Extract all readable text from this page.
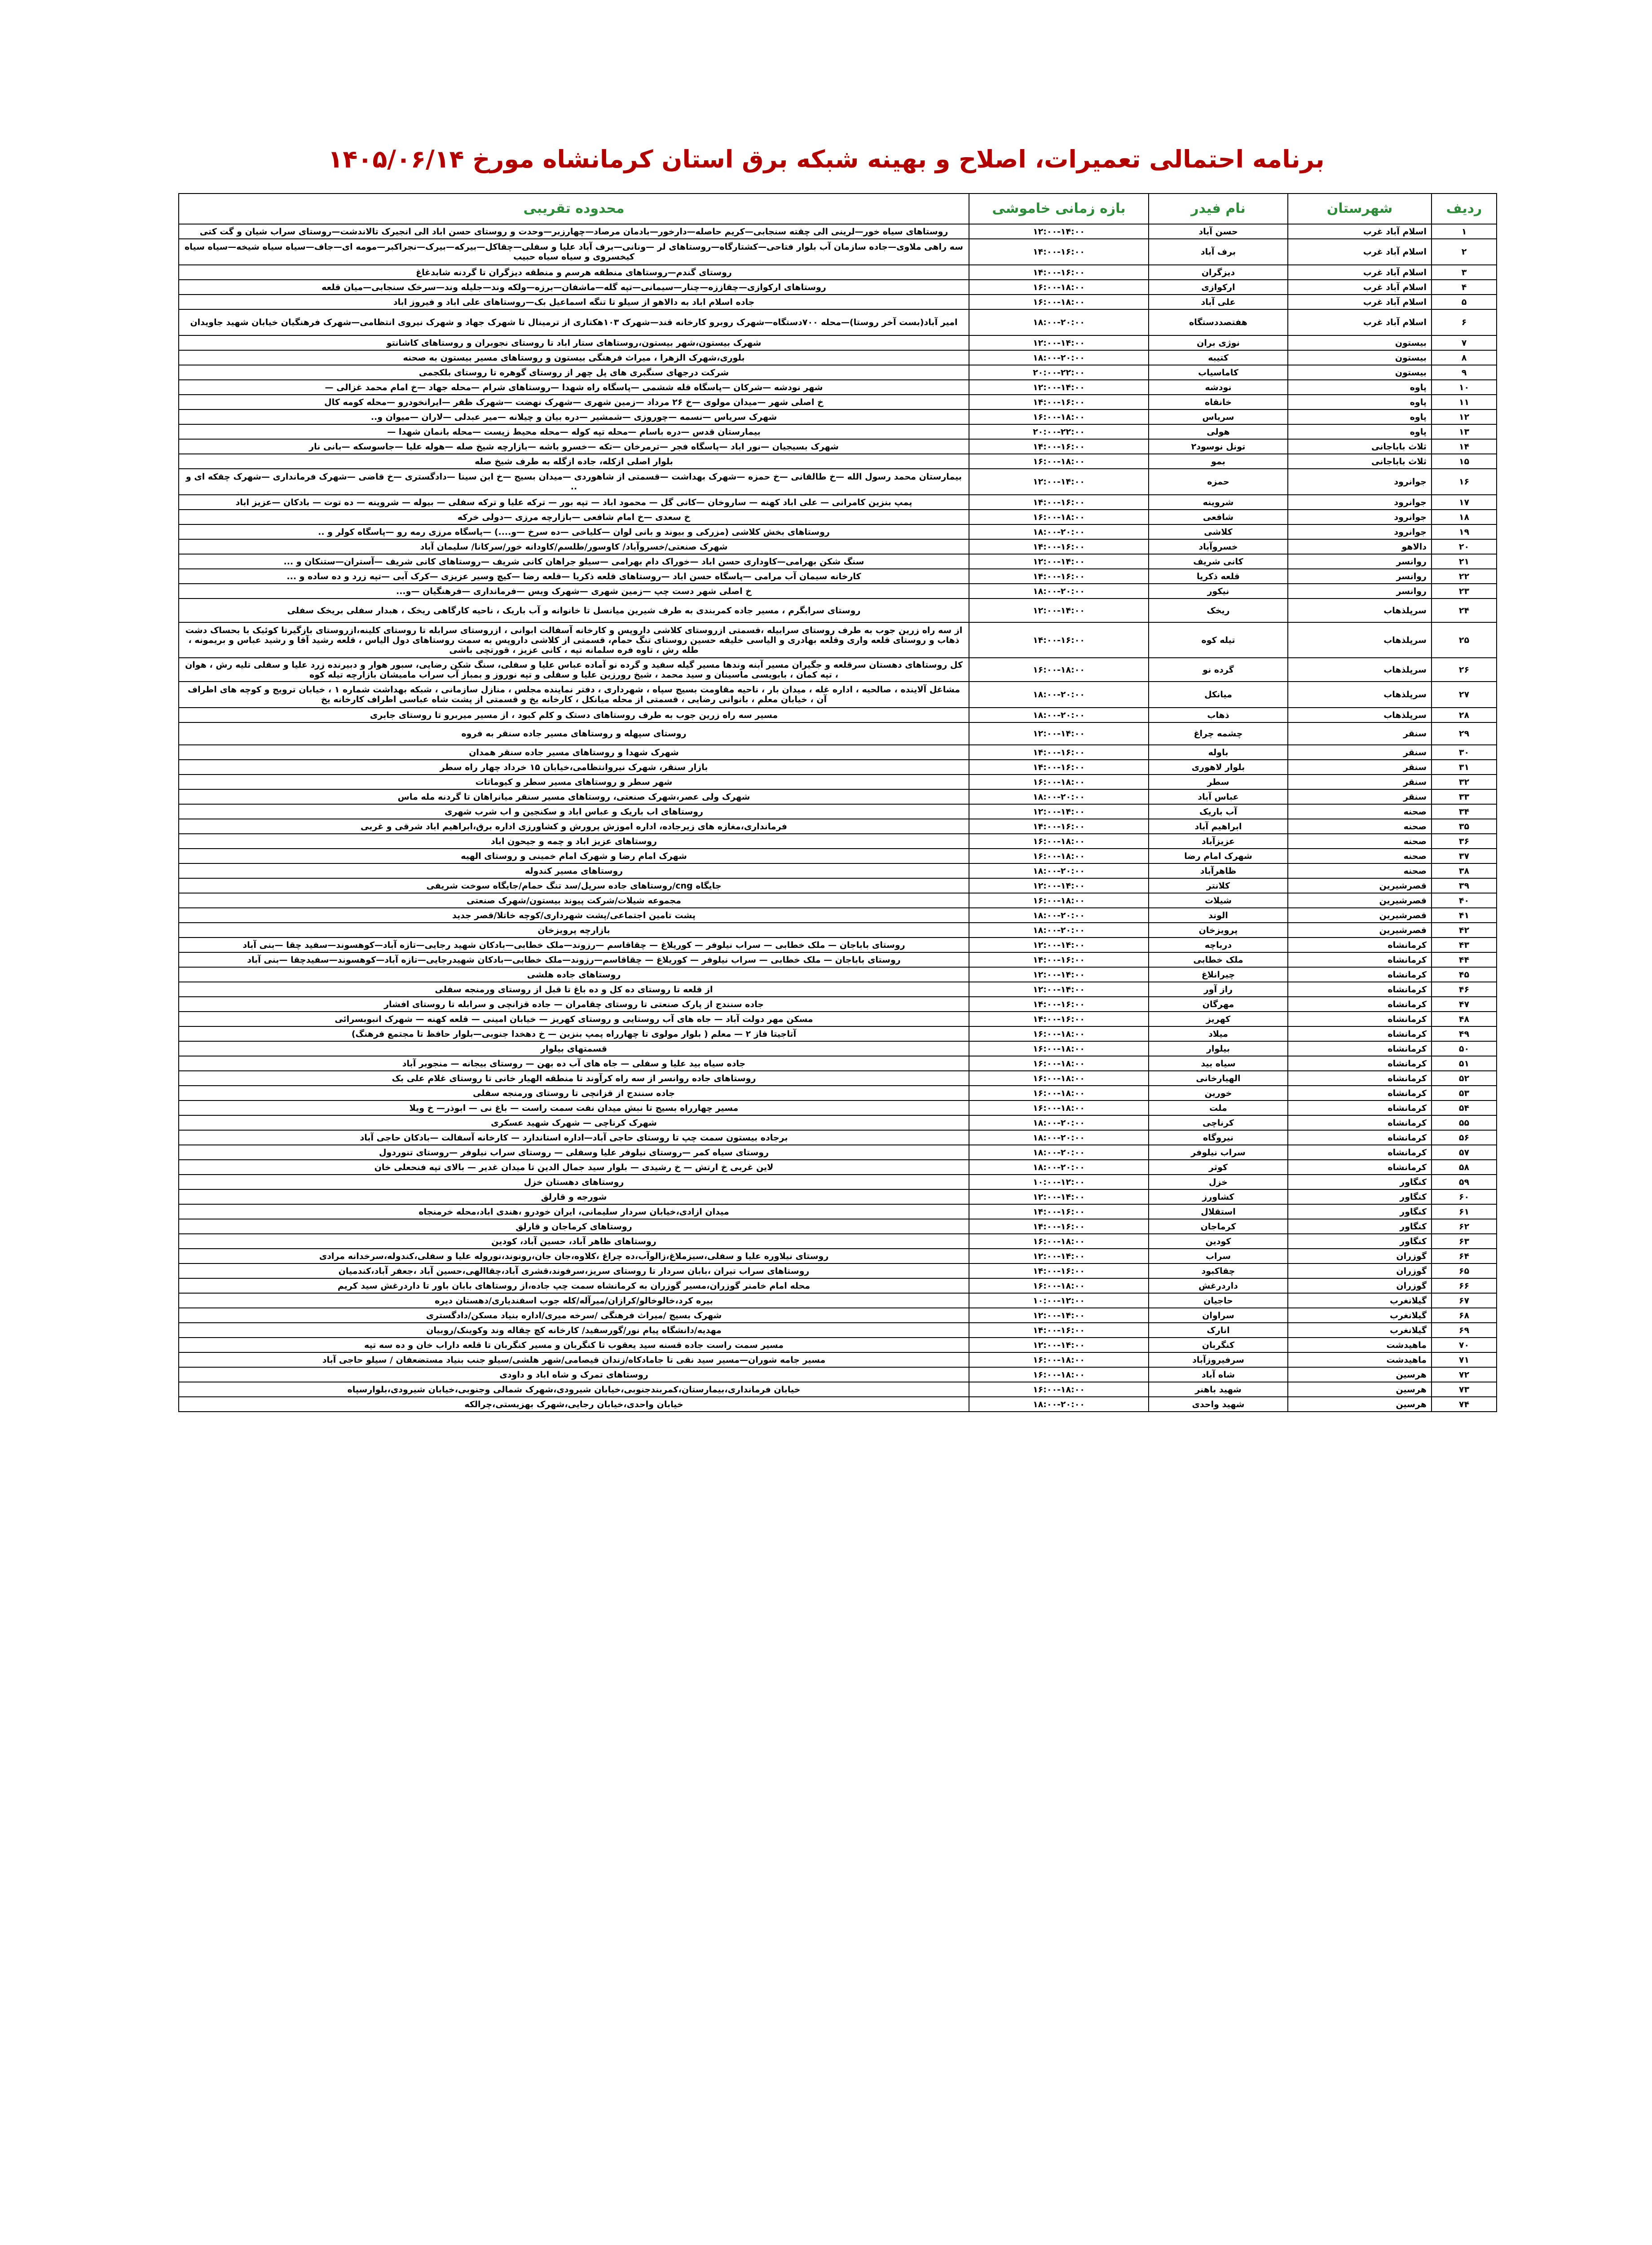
برنامه احتمالی تعمیرات، اصلاح و بهینه شبکه برق استان کرمانشاه مورخ ۱۴۰۵/۰۶/۱۴
ردیف	شهرستان	نام فیدر	بازه زمانی خاموشی	محدوده تقریبی
۱	اسلام آباد غرب	حسن آباد	۱۲:۰۰-۱۴:۰۰	روستاهای سیاه خور—لرینی الی چقته سنجابی—کریم حاصله—دارخور—بادمان مرصاد—چهارزبر—وحدت و روستای حسن اباد الی انجیرک تالاندشت—روستای سراب شیان و گت کتی
۲	اسلام آباد غرب	برف آباد	۱۴:۰۰-۱۶:۰۰	سه راهی ملاوی—جاده سازمان آب بلوار فتاحی—کشتارگاه—روستاهای لر —ونانی—برف آباد علیا و سفلی—چقاکل—بیرکه—بیرک—نجراکبر—مومه ای—جاف—سیاه سیاه شیخه—سیاه سیاه کیخسروی و سیاه سیاه حبیب
۳	اسلام آباد غرب	دیزگران	۱۴:۰۰-۱۶:۰۰	روستای گندم—روستاهای منطقه هرسم و منطقه دیزگران تا گردنه شابدغاغ
۴	اسلام آباد غرب	ارکوازی	۱۶:۰۰-۱۸:۰۰	روستاهای ارکوازی—چقاززه—چنار—سیمانی—تپه گله—ماشفان—برزه—ولکه وند—جلیله وند—سرخک سنجابی—میان قلعه
۵	اسلام آباد غرب	علی آباد	۱۶:۰۰-۱۸:۰۰	جاده اسلام اباد به دالاهو از سیلو تا تنگه اسماعیل بک—روستاهای علی اباد و فیروز اباد
۶	اسلام آباد غرب	هفتصددستگاه	۱۸:۰۰-۲۰:۰۰	امیر آباد(بست آخر روستا)—محله ۷۰۰دستگاه—شهرک روبرو کارخانه قند—شهرک ۱۰۳هکتاری از ترمینال تا شهرک جهاد و شهرک نیروی انتظامی—شهرک فرهنگیان خیابان شهید جاویدان
۷	بیستون	نوژی بران	۱۲:۰۰-۱۴:۰۰	شهرک بیستون،شهر بیستون،روستاهای ستار اباد تا روستای نجوبران و روستاهای کاشانتو
۸	بیستون	کتیبه	۱۸:۰۰-۲۰:۰۰	بلوری،شهرک الزهرا ، میراث فرهنگی بیستون و روستاهای مسیر بیستون به صحنه
۹	بیستون	کاماسیاب	۲۰:۰۰-۲۲:۰۰	شرکت درجهای سنگبری های پل چهر از روستای گوهره تا روستای بلکجمی
۱۰	پاوه	نودشه	۱۲:۰۰-۱۴:۰۰	شهر نودشه —شرکان —پاسگاه قله ششمی —پاسگاه راه شهدا —روستاهای شرام —محله جهاد —خ امام محمد غزالی —
۱۱	پاوه	خانقاه	۱۴:۰۰-۱۶:۰۰	خ اصلی شهر —میدان مولوی —خ ۲۶ مرداد —زمین شهری —شهرک نهضت —شهرک ظفر —ایرانخودرو —محله کومه کال
۱۲	پاوه	سریاس	۱۶:۰۰-۱۸:۰۰	شهرک سریاس —نسمه —چوروزی —شمشیر —دره بیان و چیلانه —میر عبدلی —لاران —میوان و..
۱۳	پاوه	هولی	۲۰:۰۰-۲۲:۰۰	بیمارستان قدس —دره باسام —محله تپه کوله —محله محیط زیست —محله بانمان شهدا —
۱۴	ثلاث باباجانی	تونل نوسود۲	۱۴:۰۰-۱۶:۰۰	شهرک بسیجیان —نور اباد —پاسگاه فجر —ترمرخان —تکه —خسرو باشه —بازارچه شیخ صله —هوله علیا —جاسوسکه —بانی نار
۱۵	ثلاث باباجانی	بمو	۱۶:۰۰-۱۸:۰۰	بلوار اصلی ازکله، جاده ازگله به طرف شیخ صله
۱۶	جوانرود	حمزه	۱۲:۰۰-۱۴:۰۰	بیمارستان محمد رسول الله —خ طالقانی —خ حمزه —شهرک بهداشت —قسمتی از شاهوردی —میدان بسیج —خ ابن سینا —دادگستری —خ قاضی —شهرک فرمانداری —شهرک چقکه ای و ..
۱۷	جوانرود	شروینه	۱۴:۰۰-۱۶:۰۰	پمپ بنزین کامرانی — علی اباد کهنه — ساروخان —کانی گل — محمود اباد — تپه بور — ترکه علیا و ترکه سفلی — بیوله — شروینه — ده توت — بادکان —عزیز اباد
۱۸	جوانرود	شافعی	۱۶:۰۰-۱۸:۰۰	خ سعدی —خ امام شافعی —بازارچه مرزی —دولی خرکه
۱۹	جوانرود	کلاشی	۱۸:۰۰-۲۰:۰۰	روستاهای بخش کلاشی (مزرکی و بیوند و بانی لوان —کلیاخی —ده سرخ —و....) —پاسگاه مرزی رمه رو —پاسگاه کولر و ..
۲۰	دالاهو	خسروآباد	۱۴:۰۰-۱۶:۰۰	شهرک صنعتی/خسروآباد/ کاوسور/طلسم/کاودانه خور/سرکانا/ سلیمان آباد
۲۱	روانسر	کانی شریف	۱۲:۰۰-۱۴:۰۰	سنگ شکن بهرامی—کاوداری حسن اباد —خوراک دام بهرامی —سیلو جراهان کانی شریف —روستاهای کانی شریف —آستران—ستنکان و ...
۲۲	روانسر	قلعه ذکریا	۱۴:۰۰-۱۶:۰۰	کارخانه سیمان آب مرامی —پاسگاه حسن اباد —روستاهای قلعه ذکریا —قلعه رضا —کیچ وسیر عزیزی —کرک آبی —تپه زرد و ده ساده و ...
۲۳	روانسر	نیکور	۱۸:۰۰-۲۰:۰۰	خ اصلی شهر دست چپ —زمین شهری —شهرک ویس —فرمانداری —فرهنگیان —و...
۲۴	سرپلذهاب	ریخک	۱۲:۰۰-۱۴:۰۰	روستای سرابگرم ، مسیر جاده کمربندی به طرف شیرین میانسل تا خانوانه و آب باریک ، ناحیه کارگاهی ریخک ، هبدار سفلی بریخک سفلی
۲۵	سرپلذهاب	تیله کوه	۱۴:۰۰-۱۶:۰۰	از سه راه زرین جوب به طرف روستای سرابیله ،قسمتی ازروستای کلاشی داروپس و کارخانه آسفالت ابوانی ، ازروستای سرابله تا روستای کلینه،ازروستای بازگیرتا کوئیک با بحساک دشت ذهاب و روستای قلعه واری وقلعه بهادری و الیاسی خلیفه حسین روستای تنگ حمام، قسمتی از کلاشی داروپس به سمت روستاهای دول الیاس ، قلعه رشید آقا و رشید عباس و بریمونه ، طله رش ، تاوه فره سلمانه تپه ، کانی عزیز ، قورتچی باشی
۲۶	سرپلذهاب	گرده نو	۱۶:۰۰-۱۸:۰۰	کل روستاهای دهستان سرقلعه و جگیران مسیر آبنه وندها مسیر گیله سفید و گرده نو آماده عباس علیا و سفلی، سنگ شکن رضایی، سبور هوار و دبیرنده زرد علیا و سفلی تلیه رش ، هوان ، تپه کمان ، بابویسی ماسینان و سید محمد ، شیخ رورزین علیا و سفلی و تپه نوروز و بمباز آب سراب مامیشان بازارچه تیله کوه
۲۷	سرپلذهاب	میانکل	۱۸:۰۰-۲۰:۰۰	مشاغل آلاینده ، صالحیه ، اداره غله ، میدان بار ، ناحیه مقاومت بسیج سپاه ، شهرداری ، دفتر نماینده مجلس ، منازل سازمانی ، شبکه بهداشت شماره ۱ ، خیابان ترویج و کوچه های اطراف آن ، خیابان معلم ، بانوانی رضایی ، قسمتی از محله میانکل ، کارخانه یخ و قسمتی از پشت شاه عباسی اطراف کارخانه یخ
۲۸	سرپلذهاب	ذهاب	۱۸:۰۰-۲۰:۰۰	مسیر سه راه زرین جوب به طرف روستاهای دستک و کلم کبود ، از مسیر میربرو تا روستای جابری
۲۹	سنقر	چشمه چراغ	۱۲:۰۰-۱۴:۰۰	روستای سپهله و روستاهای مسیر جاده سنقر به فروه
۳۰	سنقر	باوله	۱۴:۰۰-۱۶:۰۰	شهرک شهدا و روستاهای مسیر جاده سنقر همدان
۳۱	سنقر	بلوار لاهوری	۱۴:۰۰-۱۶:۰۰	بازار سنقر، شهرک نیروانتظامی،خیابان ۱۵ خرداد چهار راه سطر
۳۲	سنقر	سطر	۱۶:۰۰-۱۸:۰۰	شهر سطر و روستاهای مسیر سطر و کیوماتات
۳۳	سنقر	عباس آباد	۱۸:۰۰-۲۰:۰۰	شهرک ولی عصر،شهرک صنعتی، روستاهای مسیر سنقر میانراهان تا گردنه مله ماس
۳۴	صحنه	آب باریک	۱۲:۰۰-۱۴:۰۰	روستاهای اب باریک و عباس اباد و سکنجین و اب شرب شهری
۳۵	صحنه	ابراهیم آباد	۱۴:۰۰-۱۶:۰۰	فرمانداری،مغازه های زیرجاده، اداره اموزش پرورش و کشاورزی اداره برق،ابراهیم اباد شرقی و غربی
۳۶	صحنه	عزیزآباد	۱۶:۰۰-۱۸:۰۰	روستاهای عزیز اباد و چمه و جیحون اباد
۳۷	صحنه	شهرک امام رضا	۱۶:۰۰-۱۸:۰۰	شهرک امام رضا و شهرک امام خمینی و روستای الهیه
۳۸	صحنه	ظاهرآباد	۱۸:۰۰-۲۰:۰۰	روستاهای مسیر کندوله
۳۹	قصرشیرین	کلانتر	۱۲:۰۰-۱۴:۰۰	جایگاه cng/روستاهای جاده سرپل/سد تنگ حمام/جایگاه سوخت شریفی
۴۰	قصرشیرین	شیلات	۱۶:۰۰-۱۸:۰۰	مجموعه شیلات/شرکت پیوند بیستون/شهرک صنعتی
۴۱	قصرشیرین	الوند	۱۸:۰۰-۲۰:۰۰	پشت تامین اجتماعی/پشت شهرداری/کوچه خاتلا/قصر جدید
۴۲	قصرشیرین	پرویزخان	۱۸:۰۰-۲۰:۰۰	بازارچه پرویزخان
۴۳	کرمانشاه	درباچه	۱۲:۰۰-۱۴:۰۰	روستای باباجان — ملک خطابی — سراب نیلوفر — کوریلاغ — چقاقاسم —رزوند—ملک خطابی—بادکان شهید رجایی—تازه آباد—کوهسوند—سفید چقا —بنی آباد
۴۴	کرمانشاه	ملک خطابی	۱۴:۰۰-۱۶:۰۰	روستای باباجان — ملک خطابی — سراب نیلوفر — کوریلاغ — چقاقاسم—رزوند—ملک خطابی—بادکان شهیدرجایی—تازه آباد—کوهسوند—سفیدچقا —بنی آباد
۴۵	کرمانشاه	چیرانلاغ	۱۲:۰۰-۱۴:۰۰	روستاهای جاده هلشی
۴۶	کرمانشاه	راز آور	۱۲:۰۰-۱۴:۰۰	از قلعه تا روستای ده کل و ده باغ تا قبل از روستای ورمنجه سفلی
۴۷	کرمانشاه	مهرگان	۱۴:۰۰-۱۶:۰۰	جاده سنندج از پارک صنعتی تا روستای چقامران — جاده قزانچی و سرابله تا روستای افشار
۴۸	کرمانشاه	کهریز	۱۴:۰۰-۱۶:۰۰	مسکن مهر دولت آباد — جاه های آب روستایی و روستای کهریز — خیابان امینی — قلعه کهنه — شهرک انبوبسرائی
۴۹	کرمانشاه	میلاد	۱۶:۰۰-۱۸:۰۰	آتاجیتا فاز ۲ — معلم ( بلوار مولوی تا چهارراه پمپ بنزین — خ دهخدا جنوبی—بلوار حافظ تا مجتمع فرهنگ)
۵۰	کرمانشاه	بیلوار	۱۶:۰۰-۱۸:۰۰	قسمتهای بیلوار
۵۱	کرمانشاه	سیاه بید	۱۶:۰۰-۱۸:۰۰	جاده سیاه بید علیا و سفلی — جاه های آب ده بهن — روستای بیجانه — منجوبر آباد
۵۲	کرمانشاه	الهیارخانی	۱۶:۰۰-۱۸:۰۰	روستاهای جاده روانسر از سه راه کرآوند تا منطقه الهیار خانی تا روستای غلام علی بک
۵۳	کرمانشاه	خورین	۱۶:۰۰-۱۸:۰۰	جاده سنندج از قزانچی تا روستای ورمنجه سفلی
۵۴	کرمانشاه	ملت	۱۶:۰۰-۱۸:۰۰	مسیر چهارراه بسیج تا نبش میدان نفت سمت راست — باغ نی — ابوذر— خ ویلا
۵۵	کرمانشاه	کرناچی	۱۸:۰۰-۲۰:۰۰	شهرک کرناچی — شهرک شهید عسکری
۵۶	کرمانشاه	نیروگاه	۱۸:۰۰-۲۰:۰۰	برجاده بیستون سمت چپ تا روستای حاجی آباد—اداره استاندارد — کارخانه آسفالت —بادکان حاجی آباد
۵۷	کرمانشاه	سراب نیلوفر	۱۸:۰۰-۲۰:۰۰	روستای سیاه کمر —روستای نیلوفر علیا وسفلی — روستای سراب نیلوفر —روستای تنوردول
۵۸	کرمانشاه	کوثر	۱۸:۰۰-۲۰:۰۰	لاین غربی خ ارتش — خ رشیدی — بلوار سید جمال الدین تا میدان غدیر — بالای تپه فنحعلی خان
۵۹	کنگاور	خزل	۱۰:۰۰-۱۲:۰۰	روستاهای دهستان خزل
۶۰	کنگاور	کشاورز	۱۲:۰۰-۱۴:۰۰	شورجه و قارلق
۶۱	کنگاور	استقلال	۱۴:۰۰-۱۶:۰۰	میدان ازادی،خیابان سردار سلیمانی، ایران خودرو ،هندی اباد،محله خرمنجاه
۶۲	کنگاور	کرماجان	۱۴:۰۰-۱۶:۰۰	روستاهای کرماجان و قارلق
۶۳	کنگاور	کودین	۱۶:۰۰-۱۸:۰۰	روستاهای ظاهر آباد، حسین آباد، کودین
۶۴	گوزران	سراب	۱۲:۰۰-۱۴:۰۰	روستای نیلاوره علیا و سفلی،سیزملاغ،زالوآب،ده چراغ ،کلاوه،جان جان،رونوند،نوروله علیا و سفلی،کندوله،سرخدانه مرادی
۶۵	گوزران	چقاکبود	۱۴:۰۰-۱۶:۰۰	روستاهای سراب تیران ،بابان سردار تا روستای سریز،سرفوند،قشری آباد،چقاالهی،حسین آباد ،جعفر آباد،کندمیان
۶۶	گوزران	داردرغش	۱۶:۰۰-۱۸:۰۰	محله امام خامنر گوزران،مسیر گوزران به کرمانشاه سمت چپ جاده،از روستاهای بابان باور تا داردرغش سید کریم
۶۷	گیلانغرب	حاجیان	۱۰:۰۰-۱۲:۰۰	بیره کرد،خالوخالو/کرازان/میرآله/کله جوب اسفندیاری/دهستان دیره
۶۸	گیلانغرب	سراوان	۱۲:۰۰-۱۴:۰۰	شهرک بسیج /میراث فرهنگی /سرخه میری/اداره بنیاد مسکن/دادگستری
۶۹	گیلانغرب	انارک	۱۴:۰۰-۱۶:۰۰	مهدیه/دانشگاه پیام نور/گورسفید/ کارخانه کچ چقاله وند وکوینک/روبیان
۷۰	ماهیدشت	کنگربان	۱۲:۰۰-۱۴:۰۰	مسیر سمت راست جاده قسنه سید یعقوب تا کنگربان و مسیر کنگربان تا قلعه داراب خان و ده سه تپه
۷۱	ماهیدشت	سرفیروزآباد	۱۶:۰۰-۱۸:۰۰	مسیر جامه شوران—مسیر سید نقی تا جامادکاه/زندان قیصامی/شهر هلشی/سیلو جنب بنیاد مستضعفان / سیلو حاجی آباد
۷۲	هرسین	شاه آباد	۱۶:۰۰-۱۸:۰۰	روستاهای تمرک و شاه اباد و داودی
۷۳	هرسین	شهید باهنر	۱۶:۰۰-۱۸:۰۰	خیابان فرمانداری،بیمارستان،کمربندجنوبی،خیابان شیرودی،شهرک شمالی وجنوبی،خیابان شیرودی،بلوارسپاه
۷۴	هرسین	شهید واحدی	۱۸:۰۰-۲۰:۰۰	خیابان واحدی،خیابان رجایی،شهرک بهزیستی،چرالکه
